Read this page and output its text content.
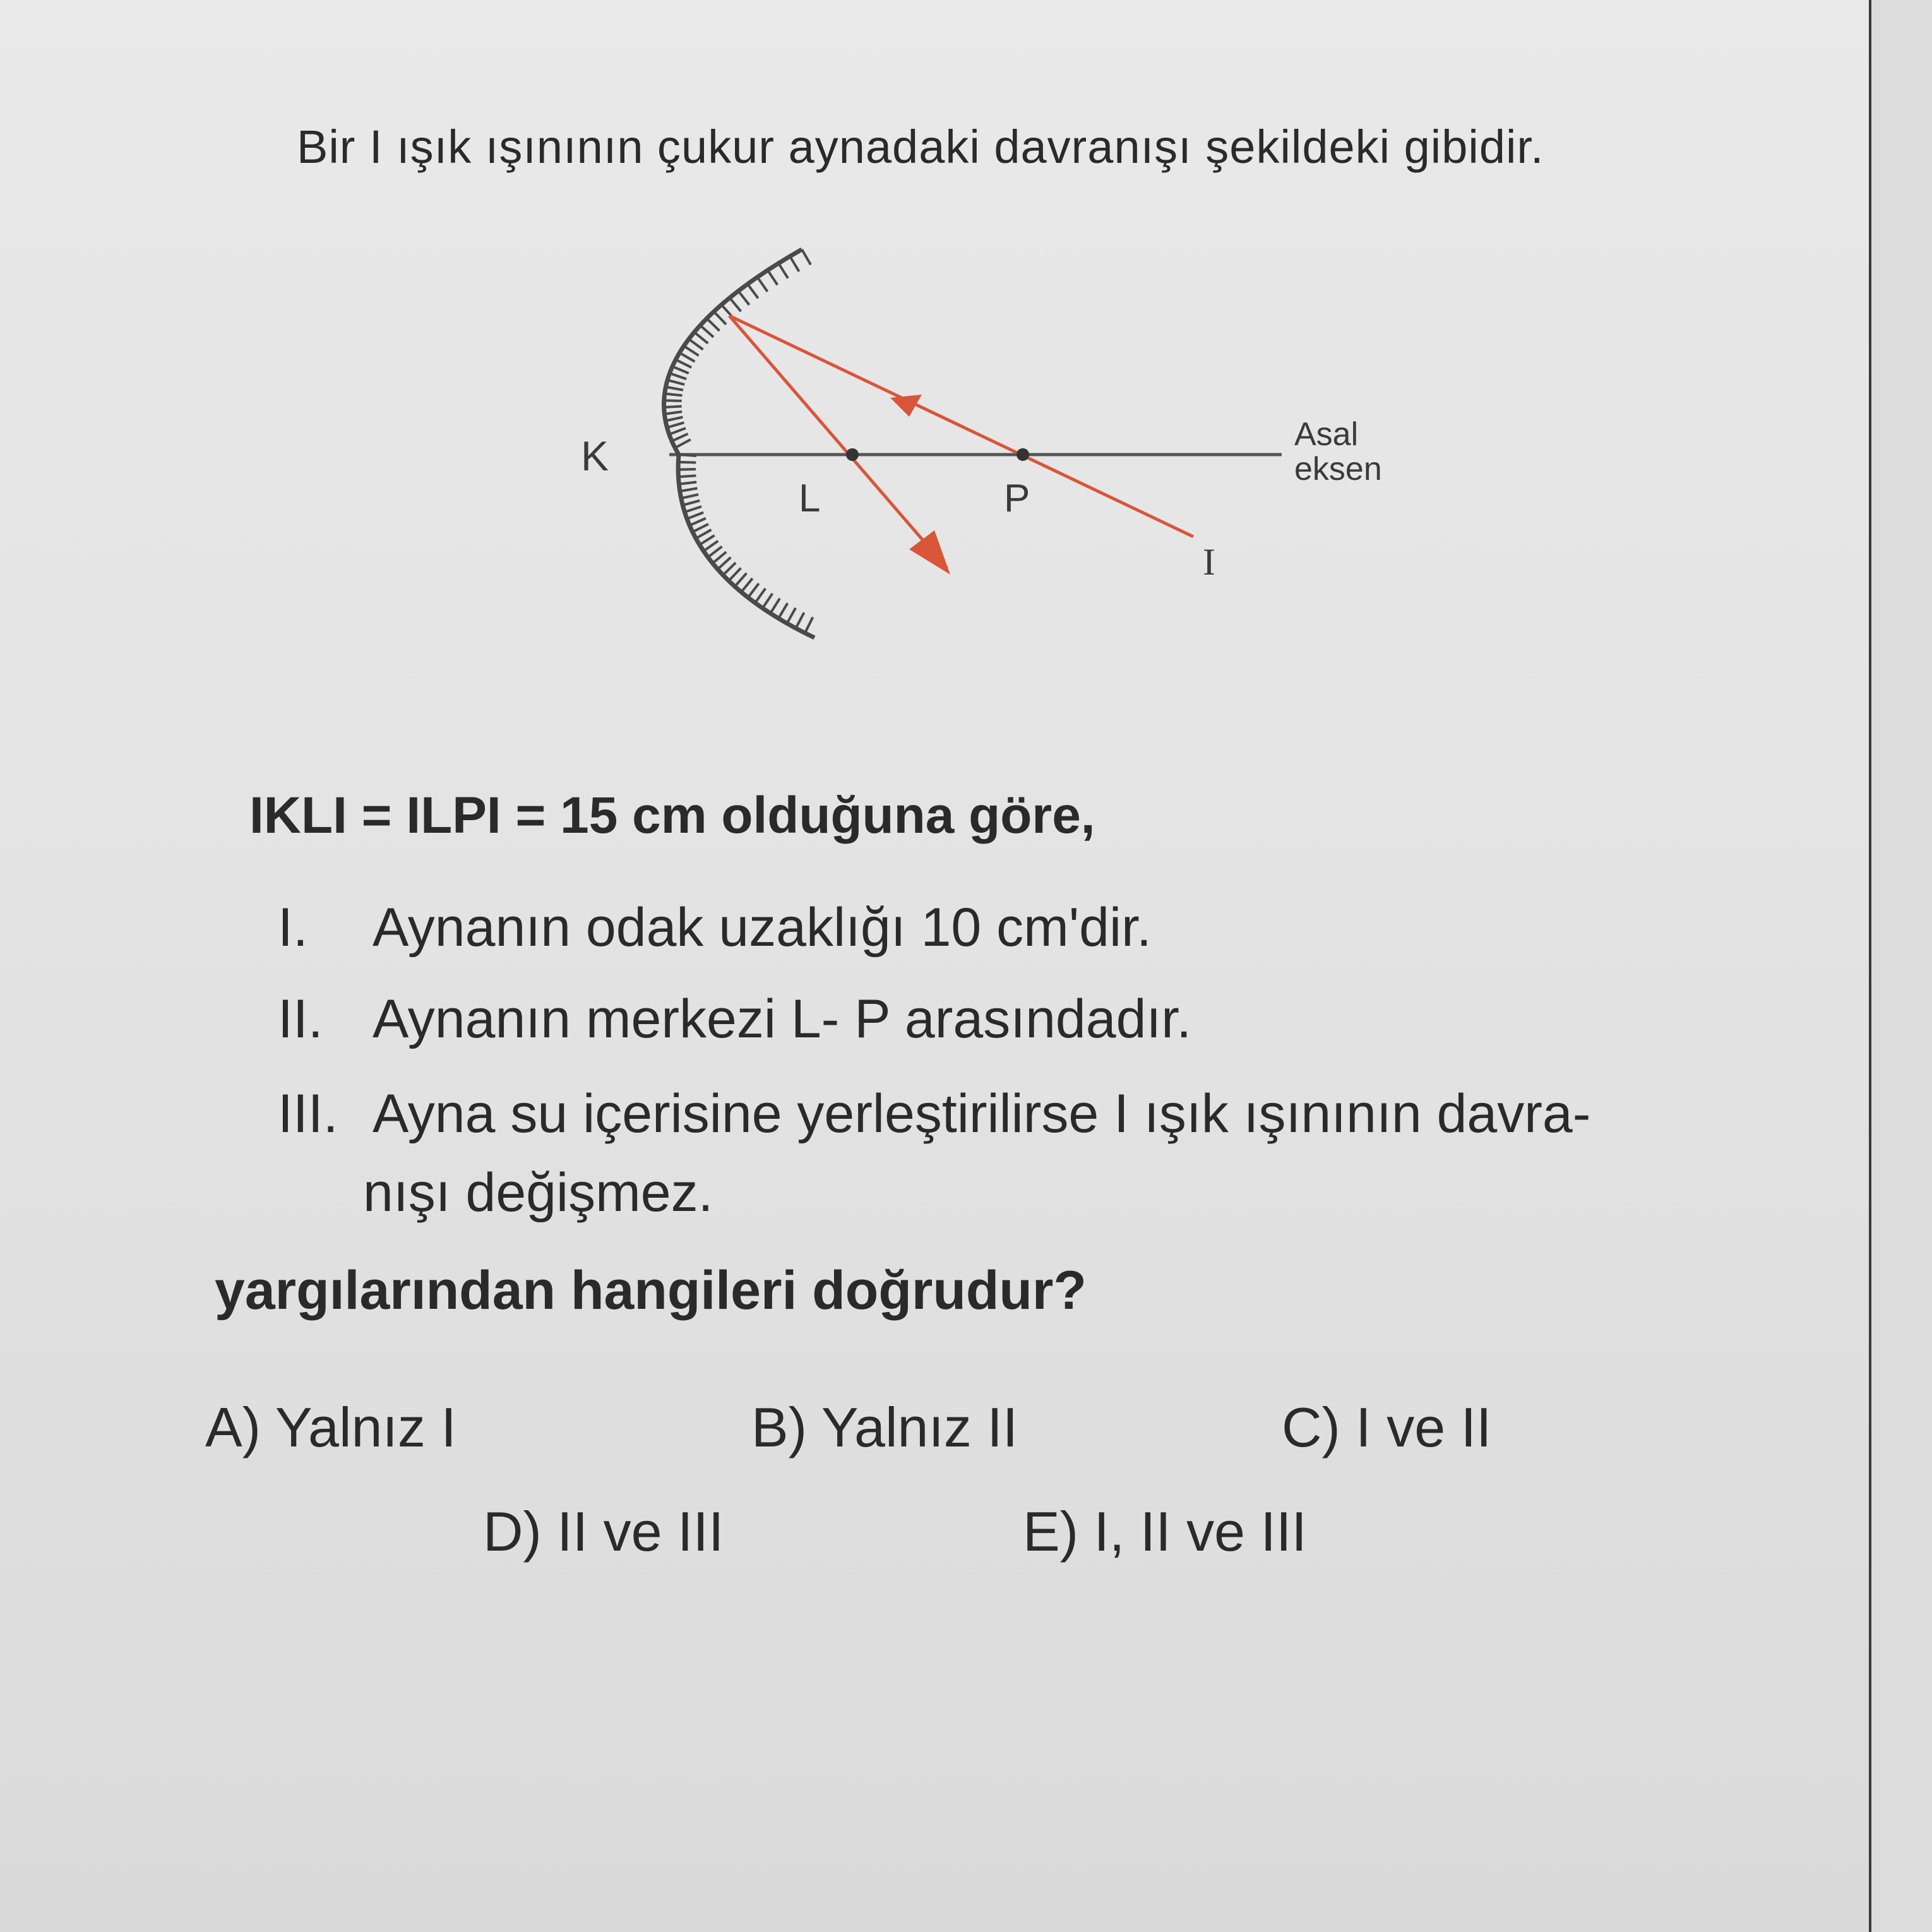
Bir I ışık ışınının çukur aynadaki davranışı şekildeki gibidir.
K
L	P
I
Asal
eksen
IKLI = ILPI = 15 cm olduğuna göre,
I. Aynanın odak uzaklığı 10 cm'dir.
II. Aynanın merkezi L- P arasındadır.
III. Ayna su içerisine yerleştirilirse I ışık ışınının davra-
nışı değişmez.
yargılarından hangileri doğrudur?
A) Yalnız I	B) Yalnız II	C) I ve II
D) II ve III	E) I, II ve III
